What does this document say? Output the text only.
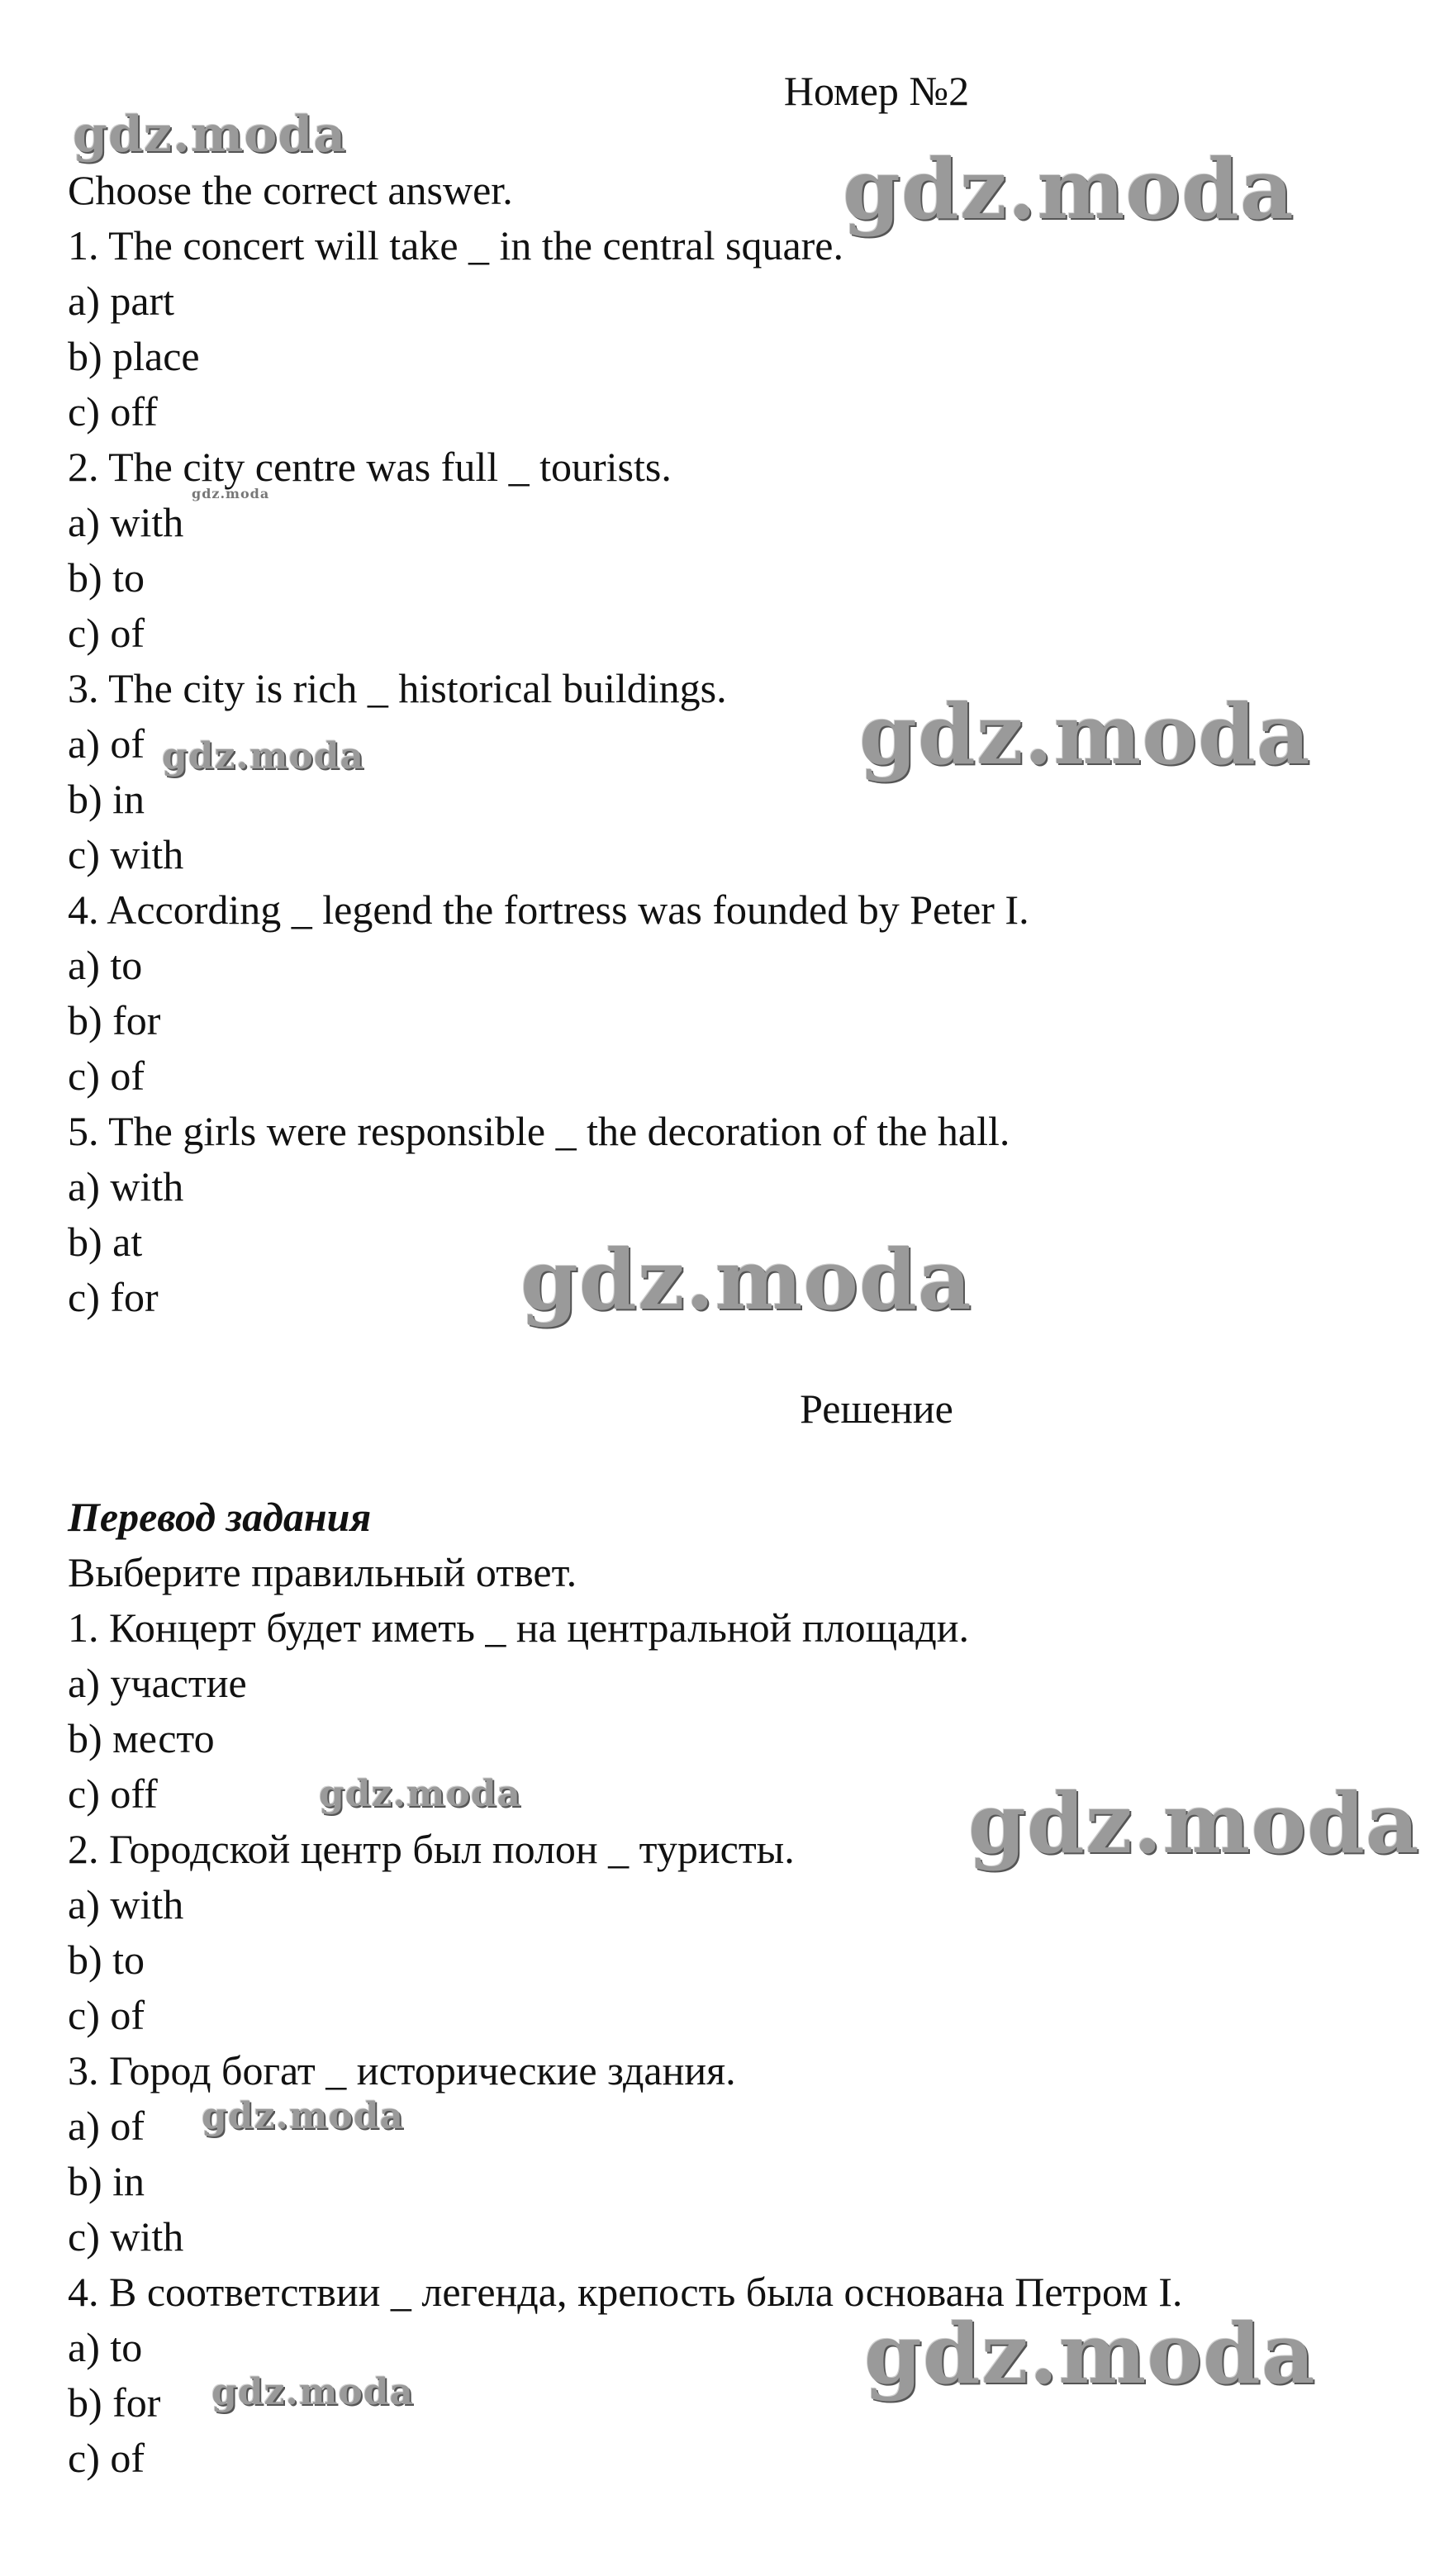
Номер №2
Choose the correct answer.
1. The concert will take _ in the central square.
a) part
b) place
c) off
2. The city centre was full _ tourists.
a) with
b) to
c) of
3. The city is rich _ historical buildings.
a) of
b) in
c) with
4. According _ legend the fortress was founded by Peter I.
a) to
b) for
c) of
5. The girls were responsible _ the decoration of the hall.
a) with
b) at
c) for
Решение
Перевод задания
Выберите правильный ответ.
1. Концерт будет иметь _ на центральной площади.
a) участие
b) место
c) off
2. Городской центр был полон _ туристы.
a) with
b) to
c) of
3. Город богат _ исторические здания.
a) of
b) in
c) with
4. В соответствии _ легенда, крепость была основана Петром I.
a) to
b) for
c) of
gdz.moda
gdz.moda
gdz.moda
gdz.moda	gdz.moda
gdz.moda
gdz.moda	gdz.moda
gdz.moda
gdz.moda
gdz.moda
